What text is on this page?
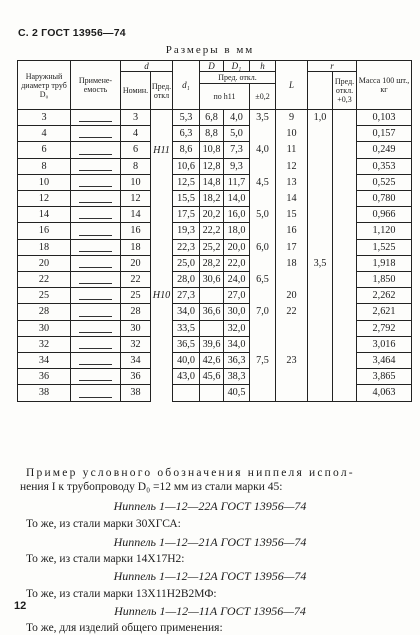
С. 2 ГОСТ 13956—74
Размеры в мм
Наружный диаметр труб D₀	Примене- емость	d		d₁	D	D₁	h	L	r		Масса 100 шт., кг
		Номин.	Пред. откл		Пред. откл.					Пред. откл. +0,3	
					по h11		±0,2				
3		3	H11	5,3	6,8	4,0	3,5	9	1,0		0,103
4		4		6,3	8,8	5,0		10			0,157
6		6		8,6	10,8	7,3	4,0	11			0,249
8		8		10,6	12,8	9,3		12			0,353
10		10		12,5	14,8	11,7	4,5	13			0,525
12		12	H10	15,5	18,2	14,0		14			0,780
14		14		17,5	20,2	16,0	5,0	15			0,966
16		16		19,3	22,2	18,0		16			1,120
18		18		22,3	25,2	20,0	6,0	17			1,525
20		20		25,0	28,2	22,0		18	3,5		1,918
22		22		28,0	30,6	24,0	6,5				1,850
25		25		27,3		27,0		20			2,262
28		28		34,0	36,6	30,0	7,0	22			2,621
30		30		33,5		32,0					2,792
32		32		36,5	39,6	34,0					3,016
34		34		40,0	42,6	36,3	7,5	23			3,464
36		36		43,0	45,6	38,3					3,865
38		38				40,5					4,063
Пример условного обозначения ниппеля испол-
нения I к трубопроводу D₀ =12 мм из стали марки 45:
Ниппель 1—12—22А ГОСТ 13956—74
То же, из стали марки 30ХГСА:
Ниппель 1—12—21А ГОСТ 13956—74
То же, из стали марки 14Х17Н2:
Ниппель 1—12—12А ГОСТ 13956—74
То же, из стали марки 13Х11Н2В2МФ:
Ниппель 1—12—11А ГОСТ 13956—74
То же, для изделий общего применения:
12
